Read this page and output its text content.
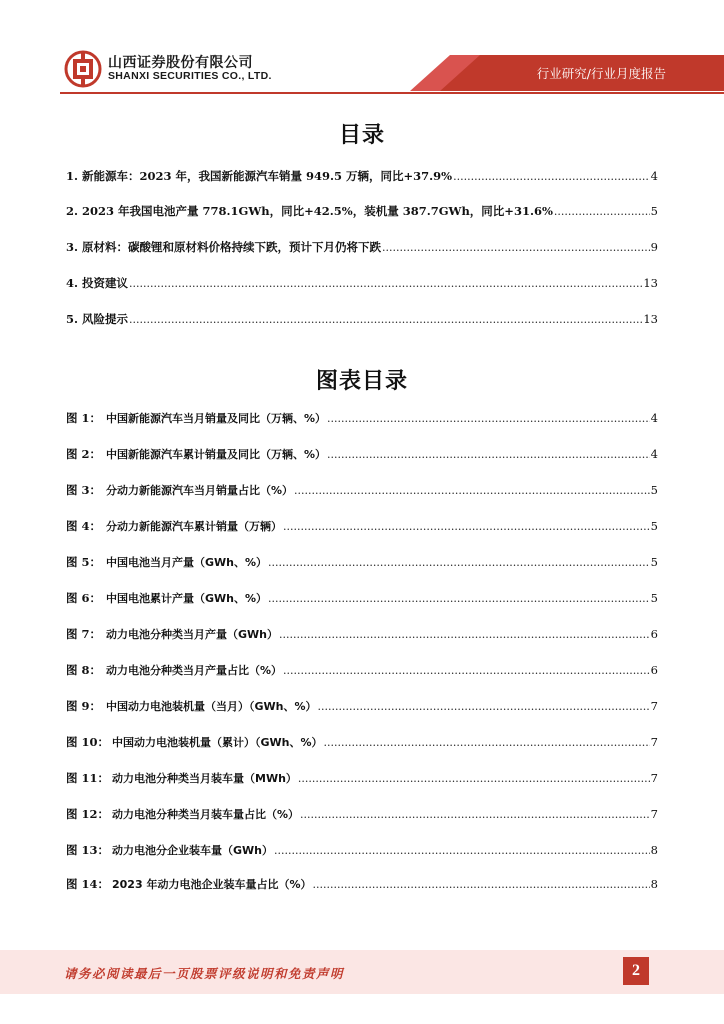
山西证券股份有限公司
SHANXI SECURITIES CO., LTD.	行业研究/行业月度报告
目录
1. 新能源车：2023 年，我国新能源汽车销量 949.5 万辆，同比+37.9% .....	4
2. 2023 年我国电池产量 778.1GWh，同比+42.5%，装机量 387.7GWh，同比+31.6% .....	5
3. 原材料：碳酸锂和原材料价格持续下跌，预计下月仍将下跌 .....	9
4. 投资建议 .....	13
5. 风险提示 .....	13
图表目录
图 1： 中国新能源汽车当月销量及同比（万辆、%） .....	4
图 2： 中国新能源汽车累计销量及同比（万辆、%） .....	4
图 3： 分动力新能源汽车当月销量占比（%） .....	5
图 4： 分动力新能源汽车累计销量（万辆） .....	5
图 5： 中国电池当月产量（GWh、%） .....	5
图 6： 中国电池累计产量（GWh、%） .....	5
图 7： 动力电池分种类当月产量（GWh） .....	6
图 8： 动力电池分种类当月产量占比（%） .....	6
图 9： 中国动力电池装机量（当月）（GWh、%） .....	7
图 10： 中国动力电池装机量（累计）（GWh、%） .....	7
图 11： 动力电池分种类当月装车量（MWh） .....	7
图 12： 动力电池分种类当月装车量占比（%） .....	7
图 13： 动力电池分企业装车量（GWh） .....	8
图 14： 2023 年动力电池企业装车量占比（%） .....	8
请务必阅读最后一页股票评级说明和免责声明	2
